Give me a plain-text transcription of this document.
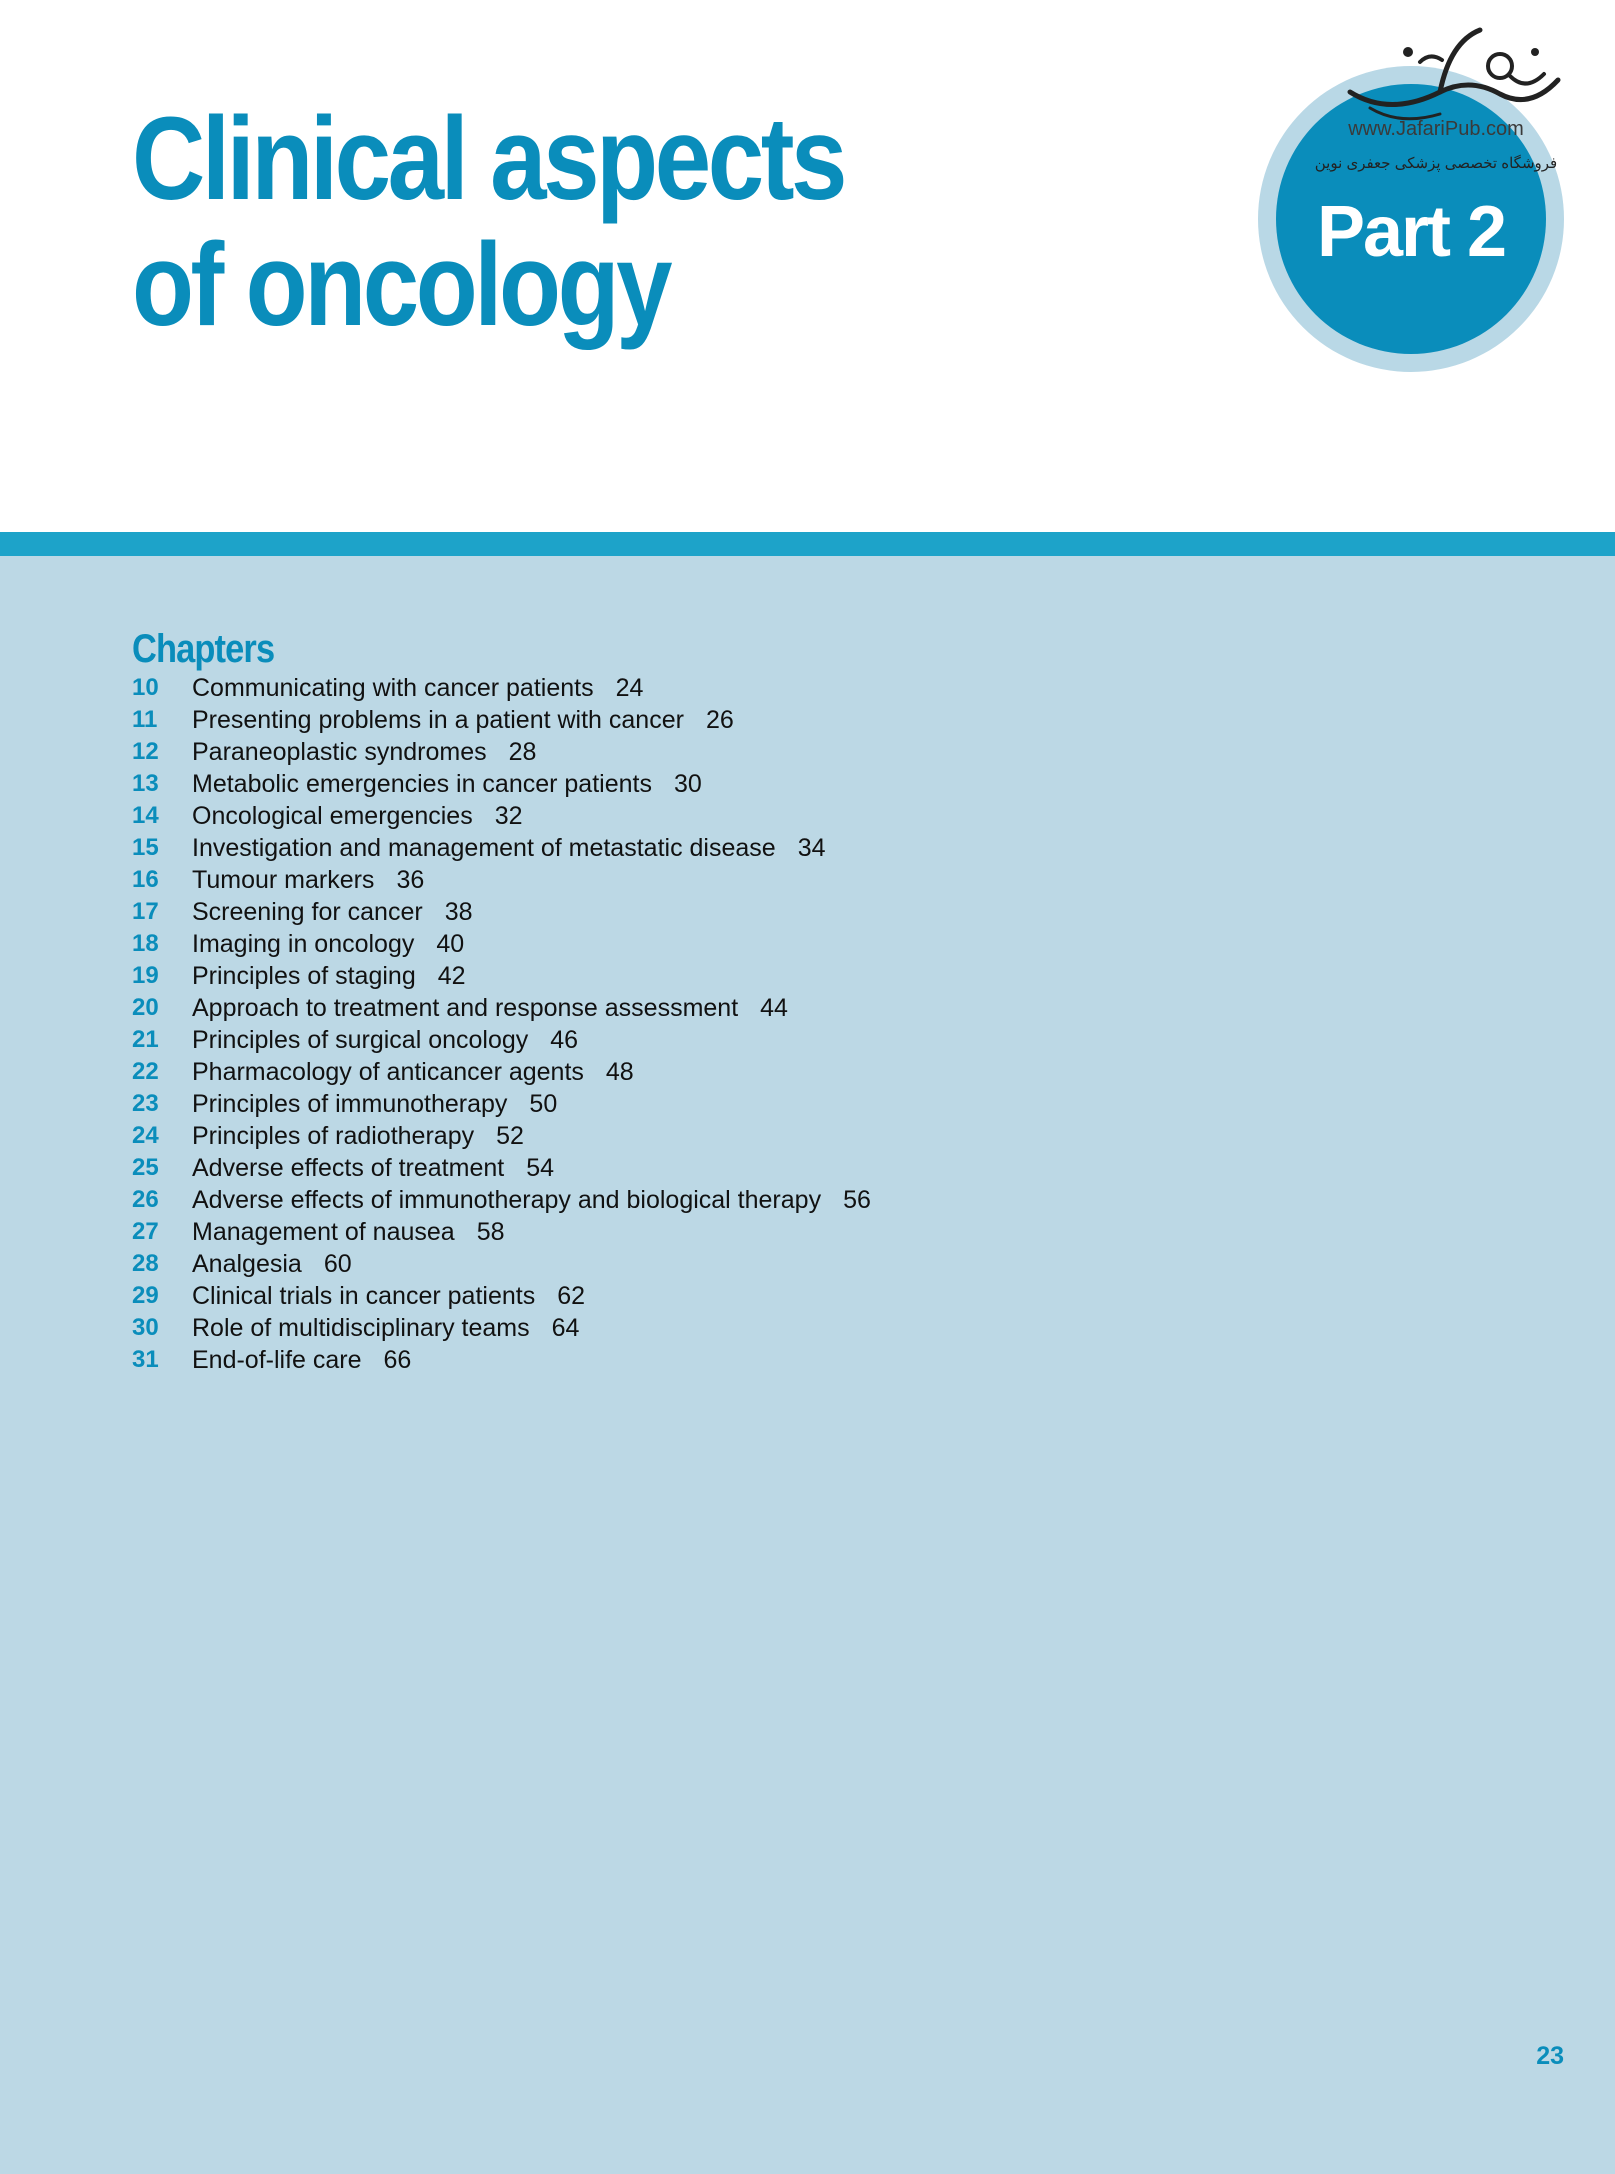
Clinical aspects
of oncology	Part 2
www.JafariPub.com
فروشگاه تخصصی پزشکی جعفری نوین
Chapters
10	Communicating with cancer patients 24
11	Presenting problems in a patient with cancer 26
12	Paraneoplastic syndromes 28
13	Metabolic emergencies in cancer patients 30
14	Oncological emergencies 32
15	Investigation and management of metastatic disease 34
16	Tumour markers 36
17	Screening for cancer 38
18	Imaging in oncology 40
19	Principles of staging 42
20	Approach to treatment and response assessment 44
21	Principles of surgical oncology 46
22	Pharmacology of anticancer agents 48
23	Principles of immunotherapy 50
24	Principles of radiotherapy 52
25	Adverse effects of treatment 54
26	Adverse effects of immunotherapy and biological therapy 56
27	Management of nausea 58
28	Analgesia 60
29	Clinical trials in cancer patients 62
30	Role of multidisciplinary teams 64
31	End-of-life care 66
23
